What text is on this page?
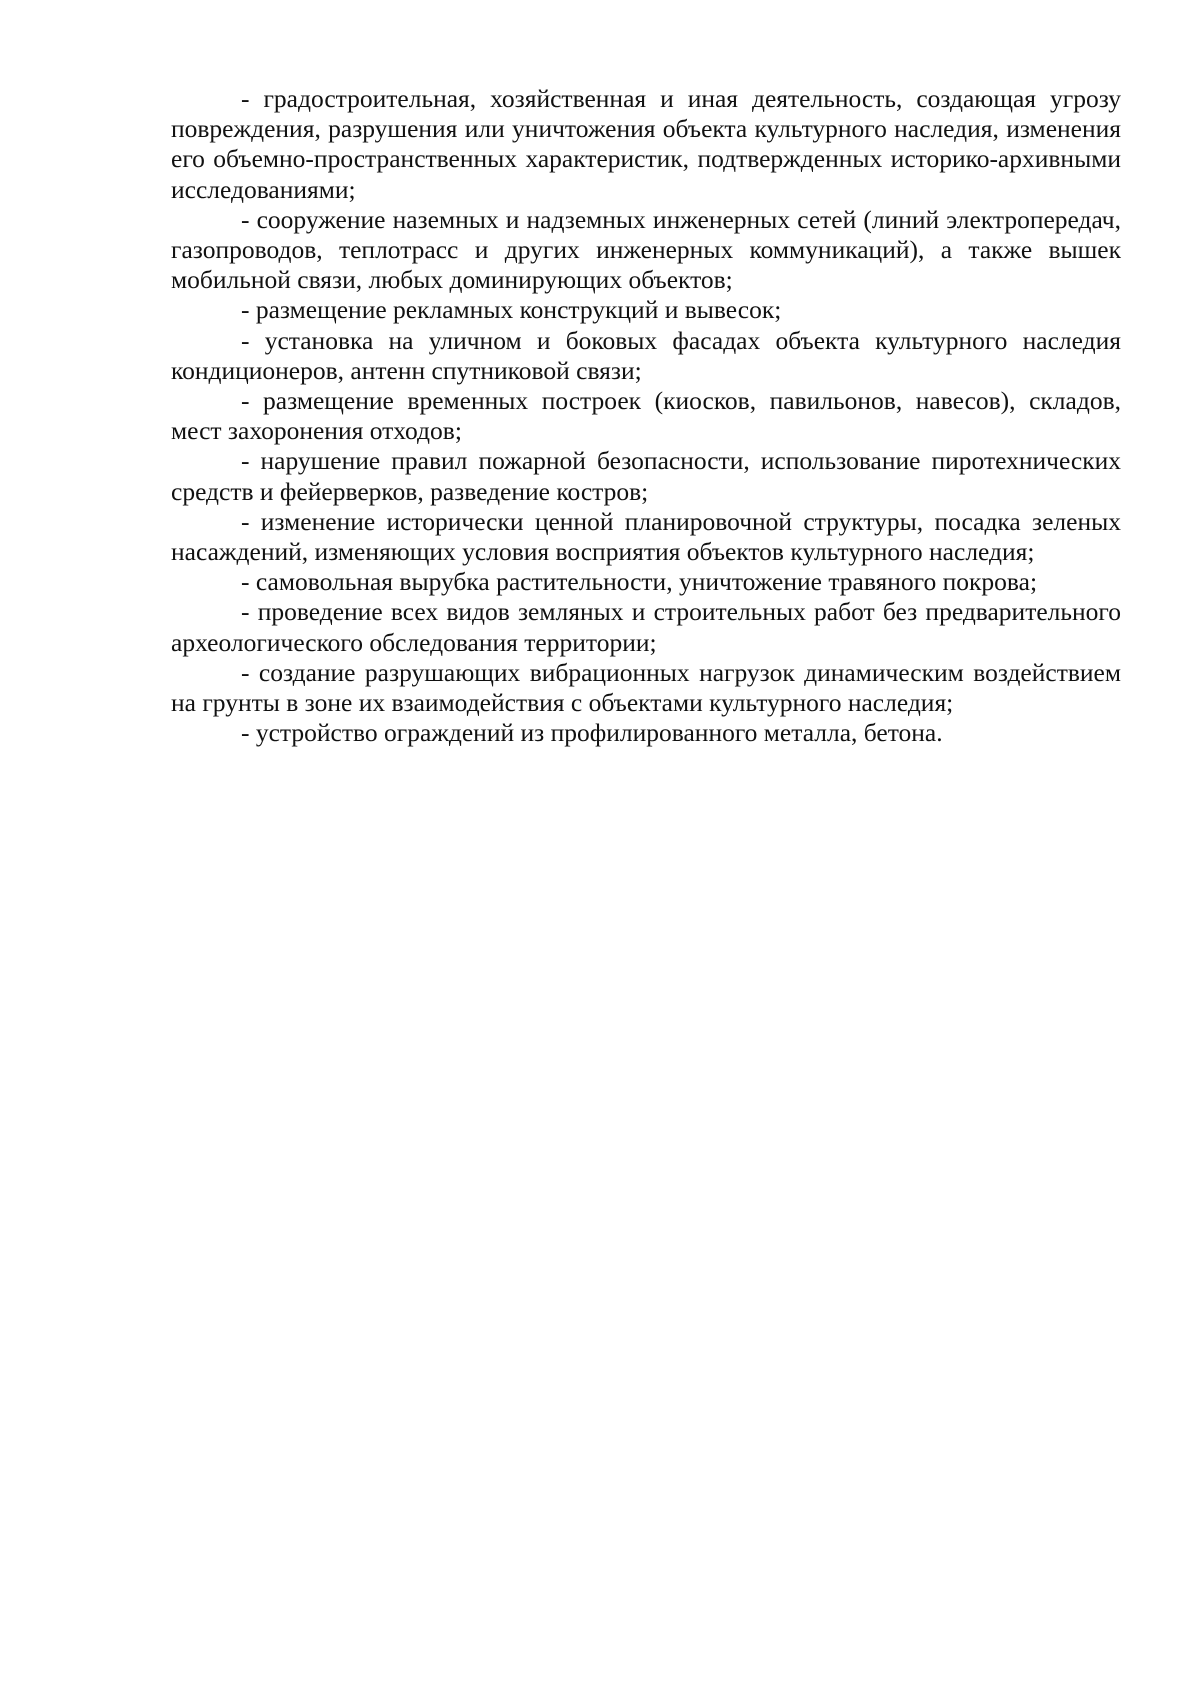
- градостроительная, хозяйственная и иная деятельность, создающая угрозу повреждения, разрушения или уничтожения объекта культурного наследия, изменения его объемно-пространственных характеристик, подтвержденных историко-архивными исследованиями;

- сооружение наземных и надземных инженерных сетей (линий электропередач, газопроводов, теплотрасс и других инженерных коммуникаций), а также вышек мобильной связи, любых доминирующих объектов;

- размещение рекламных конструкций и вывесок;

- установка на уличном и боковых фасадах объекта культурного наследия кондиционеров, антенн спутниковой связи;

- размещение временных построек (киосков, павильонов, навесов), складов, мест захоронения отходов;

- нарушение правил пожарной безопасности, использование пиротехнических средств и фейерверков, разведение костров;

- изменение исторически ценной планировочной структуры, посадка зеленых насаждений, изменяющих условия восприятия объектов культурного наследия;

- самовольная вырубка растительности, уничтожение травяного покрова;

- проведение всех видов земляных и строительных работ без предварительного археологического обследования территории;

- создание разрушающих вибрационных нагрузок динамическим воздействием на грунты в зоне их взаимодействия с объектами культурного наследия;

- устройство ограждений из профилированного металла, бетона.
